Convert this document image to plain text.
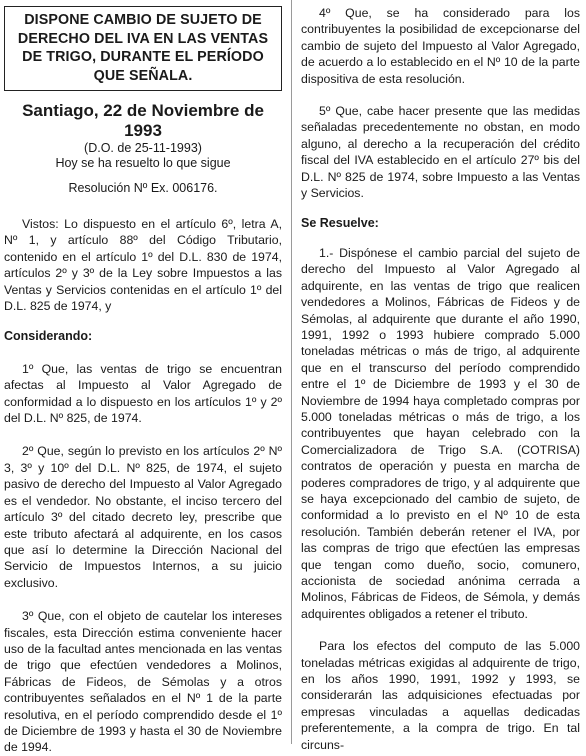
DISPONE CAMBIO DE SUJETO DE DERECHO DEL IVA EN LAS VENTAS DE TRIGO, DURANTE EL PERÍODO QUE SEÑALA.
Santiago, 22 de Noviembre de 1993
(D.O. de 25-11-1993)
Hoy se ha resuelto lo que sigue
Resolución Nº Ex. 006176.

Vistos: Lo dispuesto en el artículo 6º, letra A, Nº 1, y artículo 88º del Código Tributario, contenido en el artículo 1º del D.L. 830 de 1974, artículos 2º y 3º de la Ley sobre Impuestos a las Ventas y Servicios contenidas en el artículo 1º del D.L. 825 de 1974, y

Considerando:

1º Que, las ventas de trigo se encuentran afectas al Impuesto al Valor Agregado de conformidad a lo dispuesto en los artículos 1º y 2º del D.L. Nº 825, de 1974.

2º Que, según lo previsto en los artículos 2º Nº 3, 3º y 10º del D.L. Nº 825, de 1974, el sujeto pasivo de derecho del Impuesto al Valor Agregado es el vendedor. No obstante, el inciso tercero del artículo 3º del citado decreto ley, prescribe que este tributo afectará al adquirente, en los casos que así lo determine la Dirección Nacional del Servicio de Impuestos Internos, a su juicio exclusivo.

3º Que, con el objeto de cautelar los intereses fiscales, esta Dirección estima conveniente hacer uso de la facultad antes mencionada en las ventas de trigo que efectúen vendedores a Molinos, Fábricas de Fideos, de Sémolas y a otros contribuyentes señalados en el Nº 1 de la parte resolutiva, en el período comprendido desde el 1º de Diciembre de 1993 y hasta el 30 de Noviembre de 1994.

4º Que, se ha considerado para los contribuyentes la posibilidad de excepcionarse del cambio de sujeto del Impuesto al Valor Agregado, de acuerdo a lo establecido en el Nº 10 de la parte dispositiva de esta resolución.

5º Que, cabe hacer presente que las medidas señaladas precedentemente no obstan, en modo alguno, al derecho a la recuperación del crédito fiscal del IVA establecido en el artículo 27º bis del D.L. Nº 825 de 1974, sobre Impuesto a las Ventas y Servicios.

Se Resuelve:

1.- Dispónese el cambio parcial del sujeto de derecho del Impuesto al Valor Agregado al adquirente, en las ventas de trigo que realicen vendedores a Molinos, Fábricas de Fideos y de Sémolas, al adquirente que durante el año 1990, 1991, 1992 o 1993 hubiere comprado 5.000 toneladas métricas o más de trigo, al adquirente que en el transcurso del período comprendido entre el 1º de Diciembre de 1993 y el 30 de Noviembre de 1994 haya completado compras por 5.000 toneladas métricas o más de trigo, a los contribuyentes que hayan celebrado con la Comercializadora de Trigo S.A. (COTRISA) contratos de operación y puesta en marcha de poderes compradores de trigo, y al adquirente que se haya excepcionado del cambio de sujeto, de conformidad a lo previsto en el Nº 10 de esta resolución. También deberán retener el IVA, por las compras de trigo que efectúen las empresas que tengan como dueño, socio, comunero, accionista de sociedad anónima cerrada a Molinos, Fábricas de Fideos, de Sémola, y demás adquirentes obligados a retener el tributo.

Para los efectos del computo de las 5.000 toneladas métricas exigidas al adquirente de trigo, en los años 1990, 1991, 1992 y 1993, se considerarán las adquisiciones efectuadas por empresas vinculadas a aquellas dedicadas preferentemente, a la compra de trigo. En tal circuns-
